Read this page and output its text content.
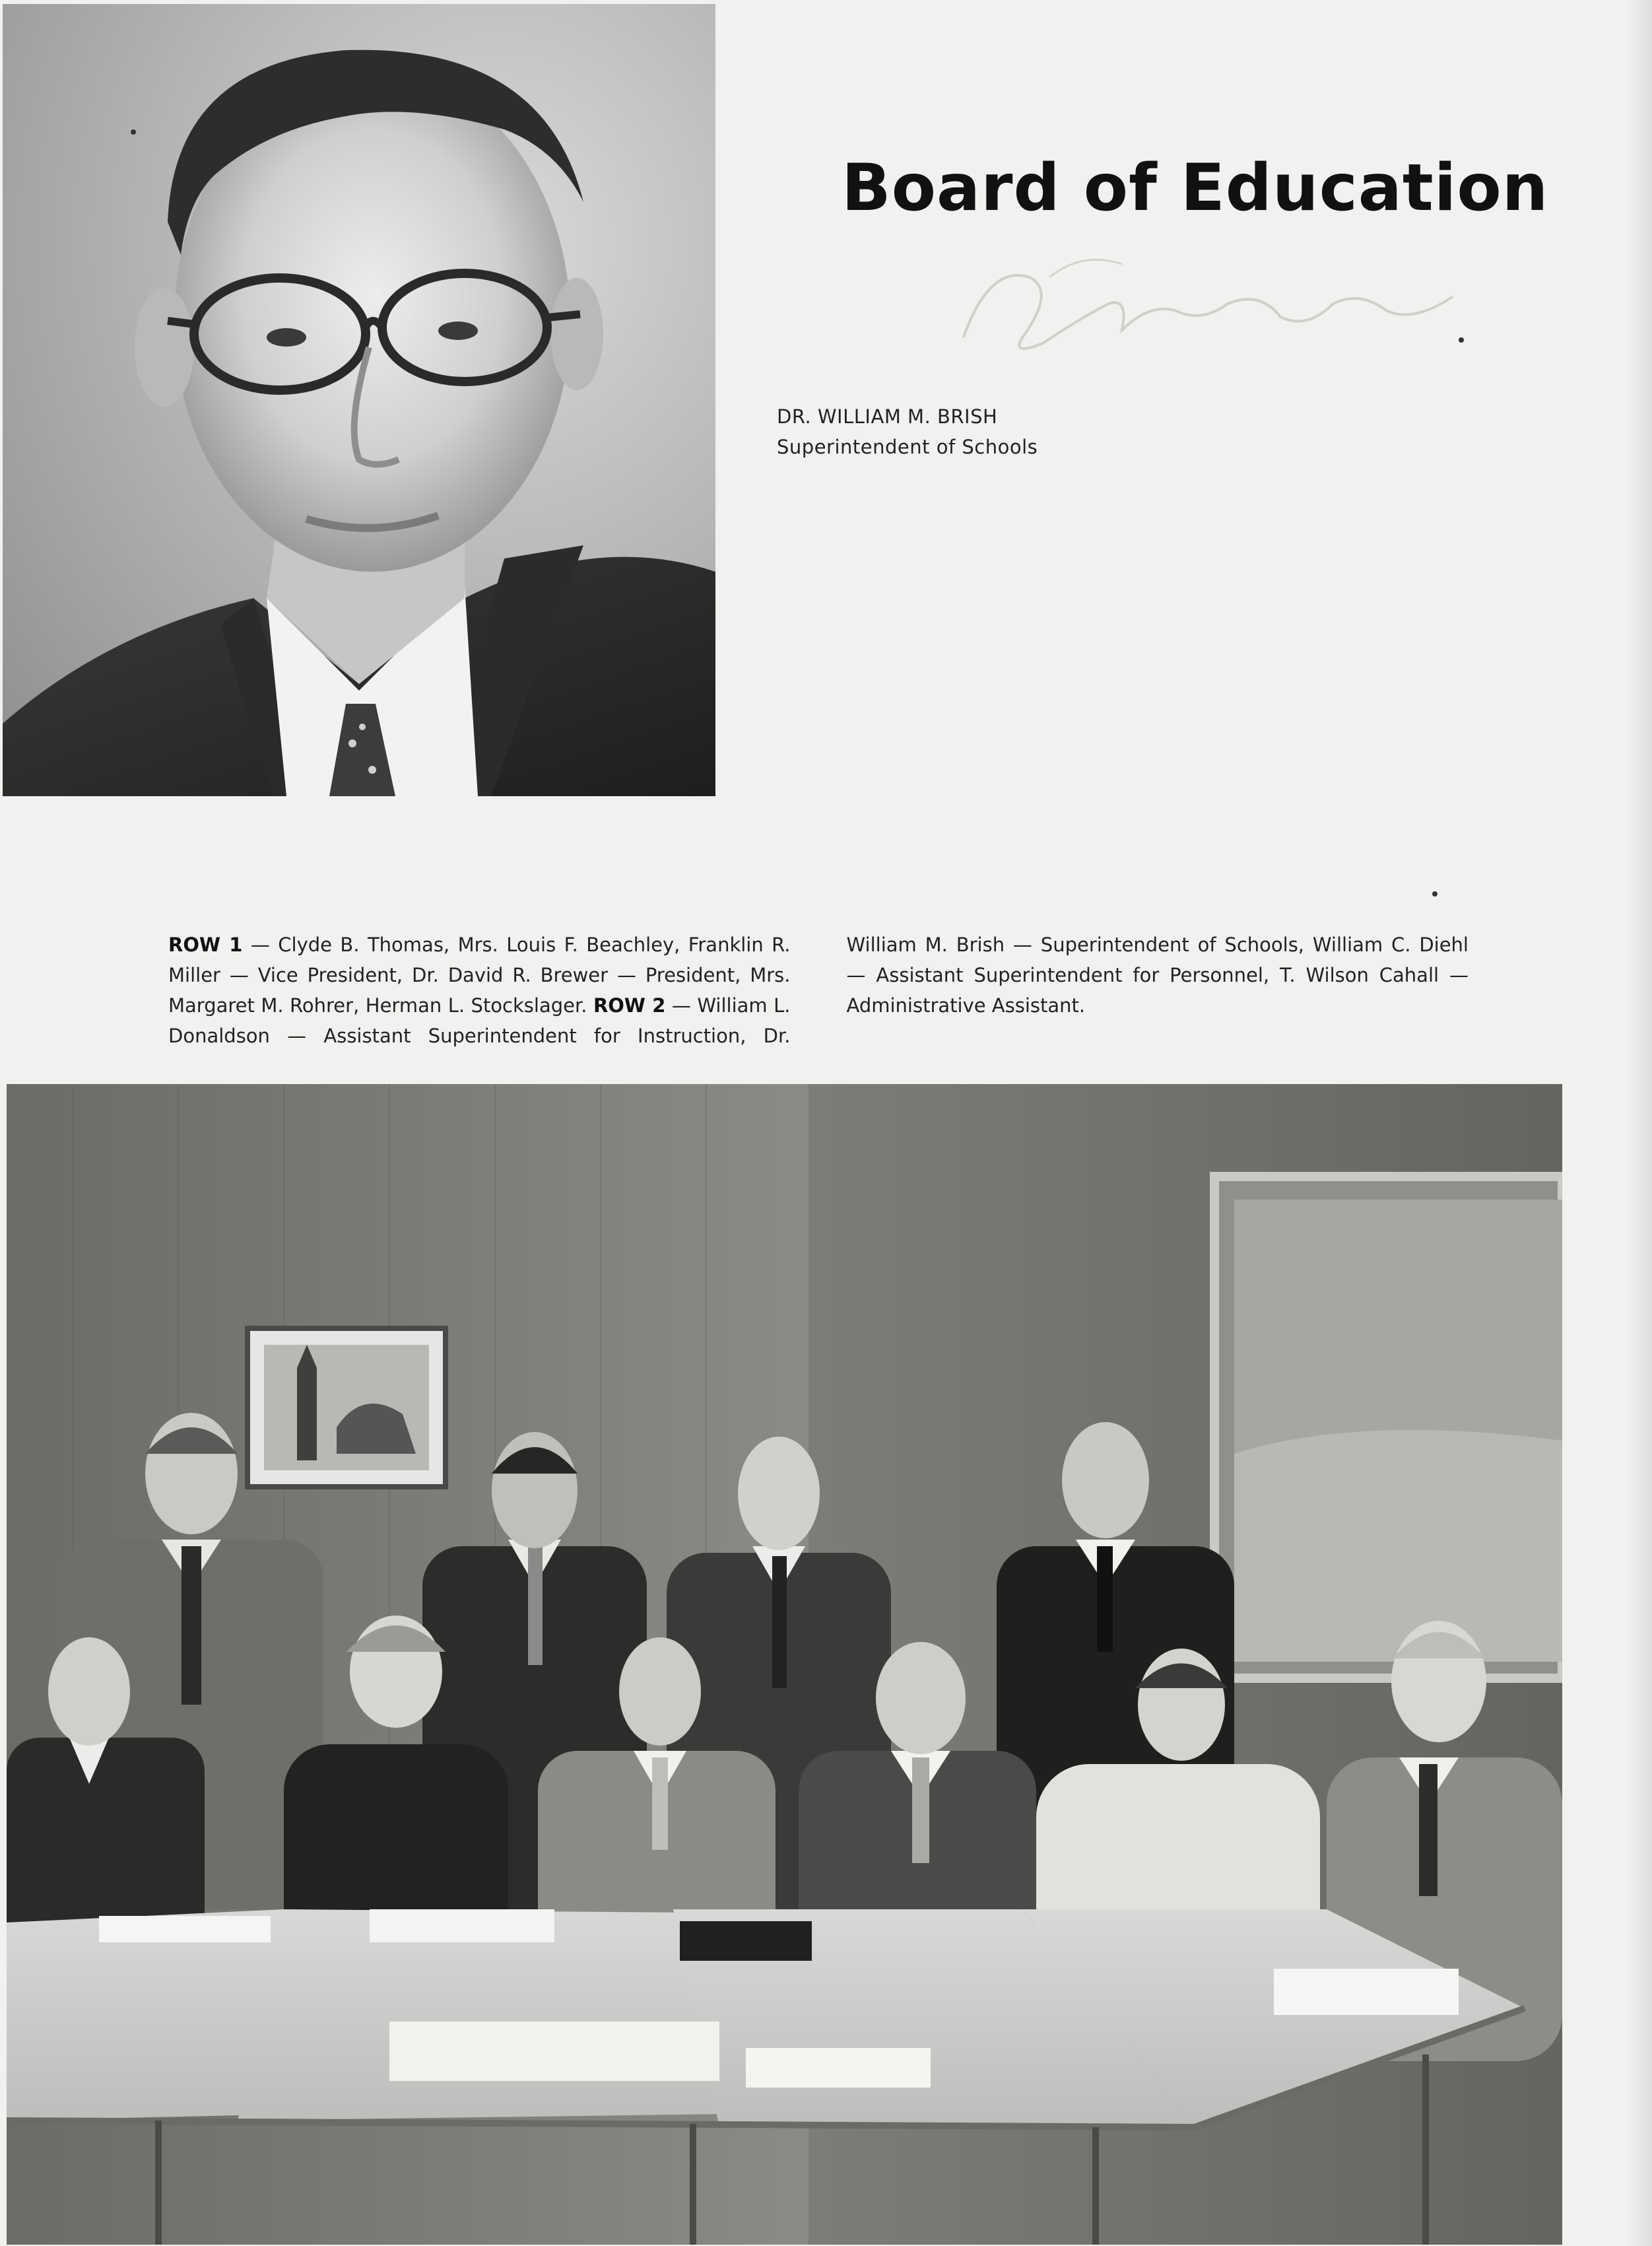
Board of Education
DR. WILLIAM M. BRISH
Superintendent of Schools
ROW 1 — Clyde B. Thomas, Mrs. Louis F. Beachley, Franklin R. Miller — Vice President, Dr. David R. Brewer — President, Mrs. Margaret M. Rohrer, Herman L. Stockslager. ROW 2 — William L. Donaldson — Assistant Superintendent for Instruction, Dr. William M. Brish — Superintendent of Schools, William C. Diehl — Assistant Superintendent for Personnel, T. Wilson Cahall — Administrative Assistant.
